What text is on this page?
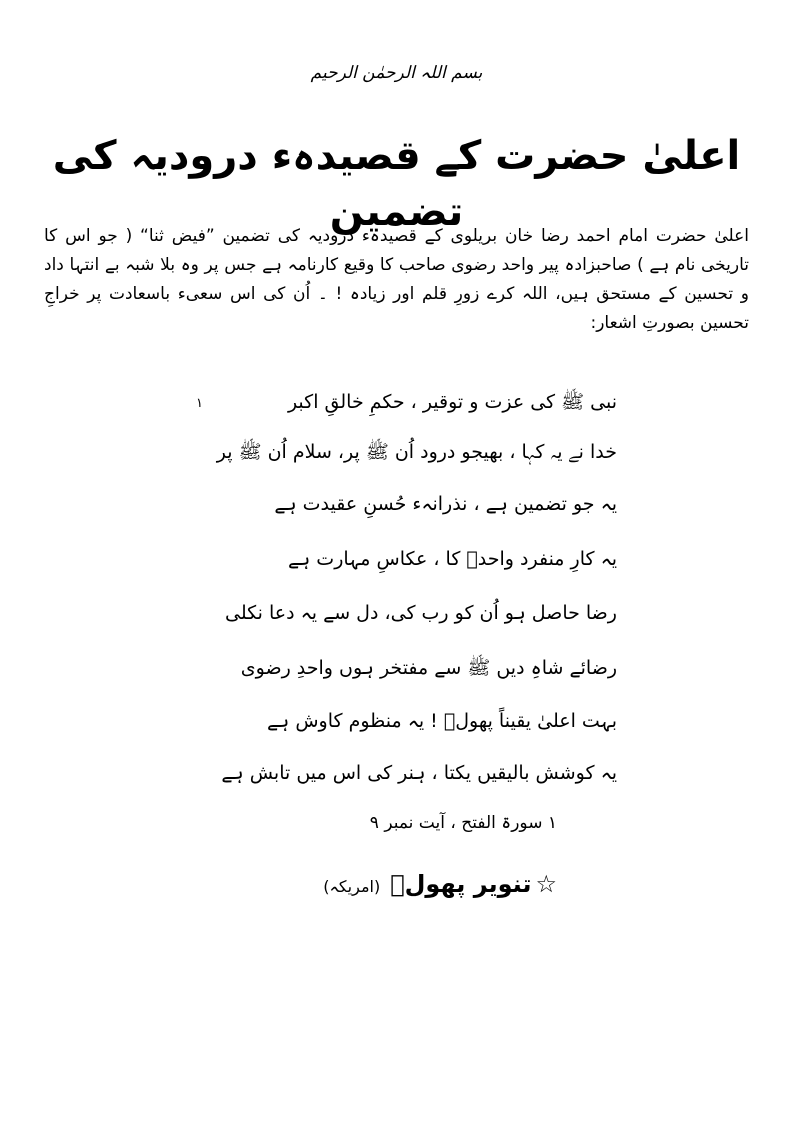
بسم اللہ الرحمٰن الرحیم
اعلیٰ حضرت کے قصیدہء درودیہ کی تضمین

اعلیٰ حضرت امام احمد رضا خان بریلوی کے قصیدہء درودیہ کی تضمین ”فیض ثنا“ ( جو اس کا تاریخی نام ہے ) صاحبزادہ پیر واحد رضوی صاحب کا وقیع کارنامہ ہے جس پر وہ بلا شبہ بے انتہا داد و تحسین کے مستحق ہیں، اللہ کرے زورِ قلم اور زیادہ ! ۔ اُن کی اس سعیء باسعادت پر خراجِ تحسین بصورتِ اشعار:

نبی ﷺ کی عزت و توقیر ، حکمِ خالقِ اکبر
۱
خدا نے یہ کہا ، بھیجو درود اُن ﷺ پر، سلام اُن ﷺ پر
یہ جو تضمین ہے ، نذرانہء حُسنِ عقیدت ہے
یہ کارِ منفرد واحدؔ کا ، عکاسِ مہارت ہے
رضا حاصل ہو اُن کو رب کی، دل سے یہ دعا نکلی
رضائے شاہِ دیں ﷺ سے مفتخر ہوں واحدِ رضوی
بہت اعلیٰ یقیناً پھولؔ ! یہ منظوم کاوش ہے
یہ کوشش بالیقیں یکتا ، ہنر کی اس میں تابش ہے
۱ سورۃ الفتح ، آیت نمبر ۹
☆تنویر پھولؔ(امریکہ)
